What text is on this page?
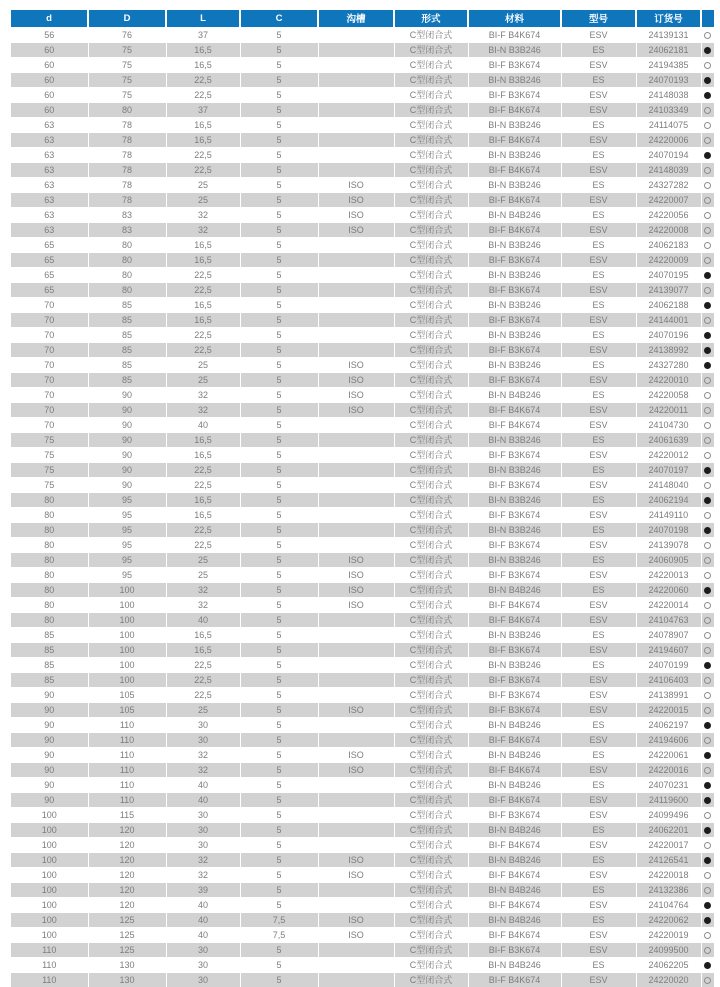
d	D	L	C	沟槽	形式	材料	型号	订货号	
56	76	37	5		C型闭合式	BI-F B4K674	ESV	24139131	
60	75	16,5	5		C型闭合式	BI-N B3B246	ES	24062181	
60	75	16,5	5		C型闭合式	BI-F B3K674	ESV	24194385	
60	75	22,5	5		C型闭合式	BI-N B3B246	ES	24070193	
60	75	22,5	5		C型闭合式	BI-F B3K674	ESV	24148038	
60	80	37	5		C型闭合式	BI-F B4K674	ESV	24103349	
63	78	16,5	5		C型闭合式	BI-N B3B246	ES	24114075	
63	78	16,5	5		C型闭合式	BI-F B4K674	ESV	24220006	
63	78	22,5	5		C型闭合式	BI-N B3B246	ES	24070194	
63	78	22,5	5		C型闭合式	BI-F B4K674	ESV	24148039	
63	78	25	5	ISO	C型闭合式	BI-N B3B246	ES	24327282	
63	78	25	5	ISO	C型闭合式	BI-F B4K674	ESV	24220007	
63	83	32	5	ISO	C型闭合式	BI-N B4B246	ES	24220056	
63	83	32	5	ISO	C型闭合式	BI-F B4K674	ESV	24220008	
65	80	16,5	5		C型闭合式	BI-N B3B246	ES	24062183	
65	80	16,5	5		C型闭合式	BI-F B3K674	ESV	24220009	
65	80	22,5	5		C型闭合式	BI-N B3B246	ES	24070195	
65	80	22,5	5		C型闭合式	BI-F B3K674	ESV	24139077	
70	85	16,5	5		C型闭合式	BI-N B3B246	ES	24062188	
70	85	16,5	5		C型闭合式	BI-F B3K674	ESV	24144001	
70	85	22,5	5		C型闭合式	BI-N B3B246	ES	24070196	
70	85	22,5	5		C型闭合式	BI-F B3K674	ESV	24138992	
70	85	25	5	ISO	C型闭合式	BI-N B3B246	ES	24327280	
70	85	25	5	ISO	C型闭合式	BI-F B3K674	ESV	24220010	
70	90	32	5	ISO	C型闭合式	BI-N B4B246	ES	24220058	
70	90	32	5	ISO	C型闭合式	BI-F B4K674	ESV	24220011	
70	90	40	5		C型闭合式	BI-F B4K674	ESV	24104730	
75	90	16,5	5		C型闭合式	BI-N B3B246	ES	24061639	
75	90	16,5	5		C型闭合式	BI-F B3K674	ESV	24220012	
75	90	22,5	5		C型闭合式	BI-N B3B246	ES	24070197	
75	90	22,5	5		C型闭合式	BI-F B3K674	ESV	24148040	
80	95	16,5	5		C型闭合式	BI-N B3B246	ES	24062194	
80	95	16,5	5		C型闭合式	BI-F B3K674	ESV	24149110	
80	95	22,5	5		C型闭合式	BI-N B3B246	ES	24070198	
80	95	22,5	5		C型闭合式	BI-F B3K674	ESV	24139078	
80	95	25	5	ISO	C型闭合式	BI-N B3B246	ES	24060905	
80	95	25	5	ISO	C型闭合式	BI-F B3K674	ESV	24220013	
80	100	32	5	ISO	C型闭合式	BI-N B4B246	ES	24220060	
80	100	32	5	ISO	C型闭合式	BI-F B4K674	ESV	24220014	
80	100	40	5		C型闭合式	BI-F B4K674	ESV	24104763	
85	100	16,5	5		C型闭合式	BI-N B3B246	ES	24078907	
85	100	16,5	5		C型闭合式	BI-F B3K674	ESV	24194607	
85	100	22,5	5		C型闭合式	BI-N B3B246	ES	24070199	
85	100	22,5	5		C型闭合式	BI-F B3K674	ESV	24106403	
90	105	22,5	5		C型闭合式	BI-F B3K674	ESV	24138991	
90	105	25	5	ISO	C型闭合式	BI-F B3K674	ESV	24220015	
90	110	30	5		C型闭合式	BI-N B4B246	ES	24062197	
90	110	30	5		C型闭合式	BI-F B4K674	ESV	24194606	
90	110	32	5	ISO	C型闭合式	BI-N B4B246	ES	24220061	
90	110	32	5	ISO	C型闭合式	BI-F B4K674	ESV	24220016	
90	110	40	5		C型闭合式	BI-N B4B246	ES	24070231	
90	110	40	5		C型闭合式	BI-F B4K674	ESV	24119600	
100	115	30	5		C型闭合式	BI-F B3K674	ESV	24099496	
100	120	30	5		C型闭合式	BI-N B4B246	ES	24062201	
100	120	30	5		C型闭合式	BI-F B4K674	ESV	24220017	
100	120	32	5	ISO	C型闭合式	BI-N B4B246	ES	24126541	
100	120	32	5	ISO	C型闭合式	BI-F B4K674	ESV	24220018	
100	120	39	5		C型闭合式	BI-N B4B246	ES	24132386	
100	120	40	5		C型闭合式	BI-F B4K674	ESV	24104764	
100	125	40	7,5	ISO	C型闭合式	BI-N B4B246	ES	24220062	
100	125	40	7,5	ISO	C型闭合式	BI-F B4K674	ESV	24220019	
110	125	30	5		C型闭合式	BI-F B3K674	ESV	24099500	
110	130	30	5		C型闭合式	BI-N B4B246	ES	24062205	
110	130	30	5		C型闭合式	BI-F B4K674	ESV	24220020	
